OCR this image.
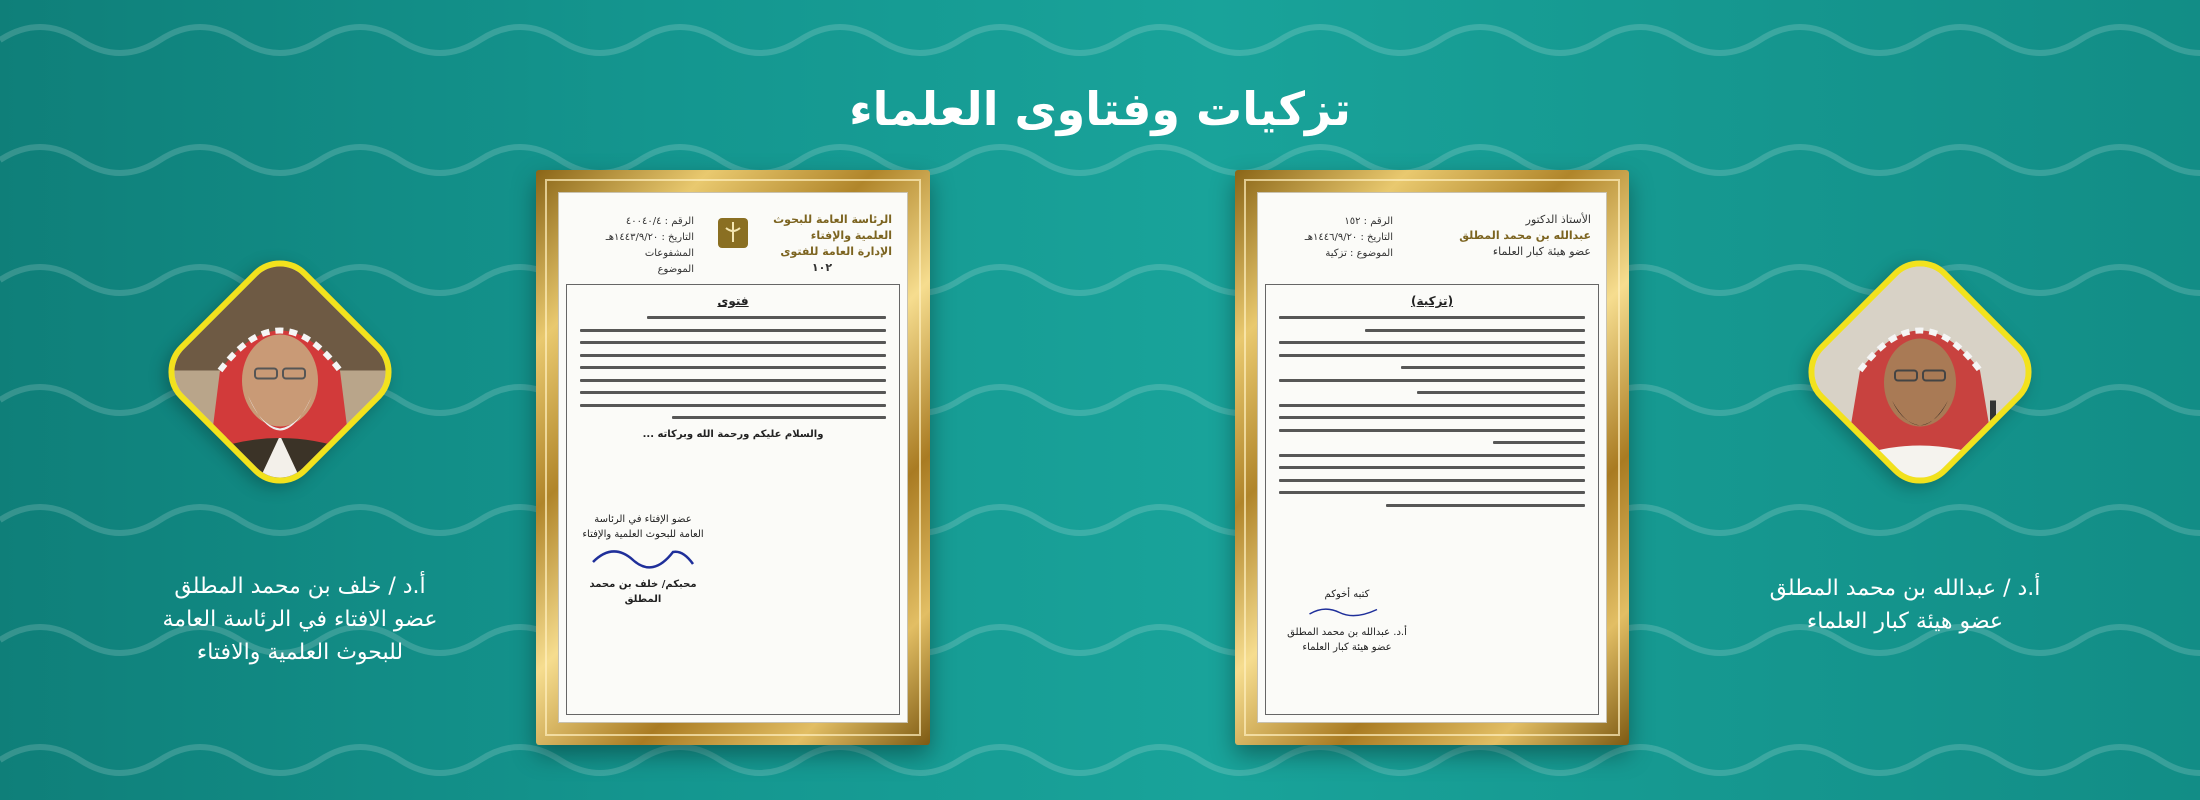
تزكيات وفتاوى العلماء
أ.د / خلف بن محمد المطلق
عضو الافتاء في الرئاسة العامة
للبحوث العلمية والافتاء
الرئاسة العامة للبحوث العلمية والإفتاء
الإدارة العامة للفتوى
١٠٢
الرقم : ٤٠٠٤٠/٤
التاريخ : ١٤٤٣/٩/٢٠هـ
المشفوعات
الموضوع
فتوى
والسلام عليكم ورحمة الله وبركاته ...
عضو الإفتاء في الرئاسة
العامة للبحوث العلمية والإفتاء
محبكم/ خلف بن محمد المطلق
الأستاذ الدكتور
عبدالله بن محمد المطلق
عضو هيئة كبار العلماء
الرقم : ١٥٢
التاريخ : ١٤٤٦/٩/٢٠هـ
الموضوع : تزكية
(تزكية)
كتبه أخوكم
أ.د. عبدالله بن محمد المطلق
عضو هيئة كبار العلماء
أ.د / عبدالله بن محمد المطلق
عضو هيئة كبار العلماء
